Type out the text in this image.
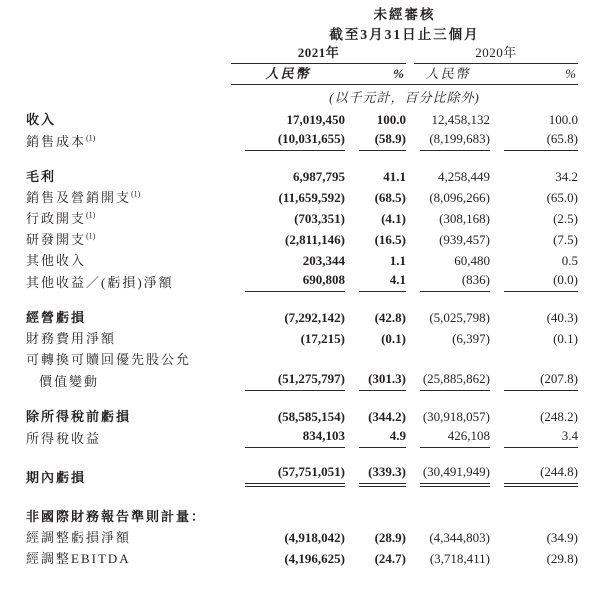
	未經審核			
	截至3月31日止三個月			

	2021年		2020年	

	人民幣	%	人民幣	%

	(以千元計，百分比除外)			
收入	17,019,450	100.0	12,458,132	100.0

銷售成本$^{(1)}$	(10,031,655)	(58.9)	(8,199,683)	(65.8)

毛利	6,987,795	41.1	4,258,449	34.2

銷售及營銷開支$^{(1)}$	(11,659,592)	(68.5)	(8,096,266)	(65.0)

行政開支$^{(1)}$	(703,351)	(4.1)	(308,168)	(2.5)

研發開支$^{(1)}$	(2,811,146)	(16.5)	(939,457)	(7.5)

其他收入	203,344	1.1	60,480	0.5

其他收益／(虧損)淨額	690,808	4.1	(836)	(0.0)

經營虧損	(7,292,142)	(42.8)	(5,025,798)	(40.3)

財務費用淨額	(17,215)	(0.1)	(6,397)	(0.1)

可轉換可贖回優先股公允	

價值變動	(51,275,797)	(301.3)	(25,885,862)	(207.8)

除所得稅前虧損	(58,585,154)	(344.2)	(30,918,057)	(248.2)

所得稅收益	834,103	4.9	426,108	3.4

期內虧損	(57,751,051)	(339.3)	(30,491,949)	(244.8)

非國際財務報告準則計量：	

經調整虧損淨額	(4,918,042)	(28.9)	(4,344,803)	(34.9)

經調整EBITDA	(4,196,625)	(24.7)	(3,718,411)	(29.8)
